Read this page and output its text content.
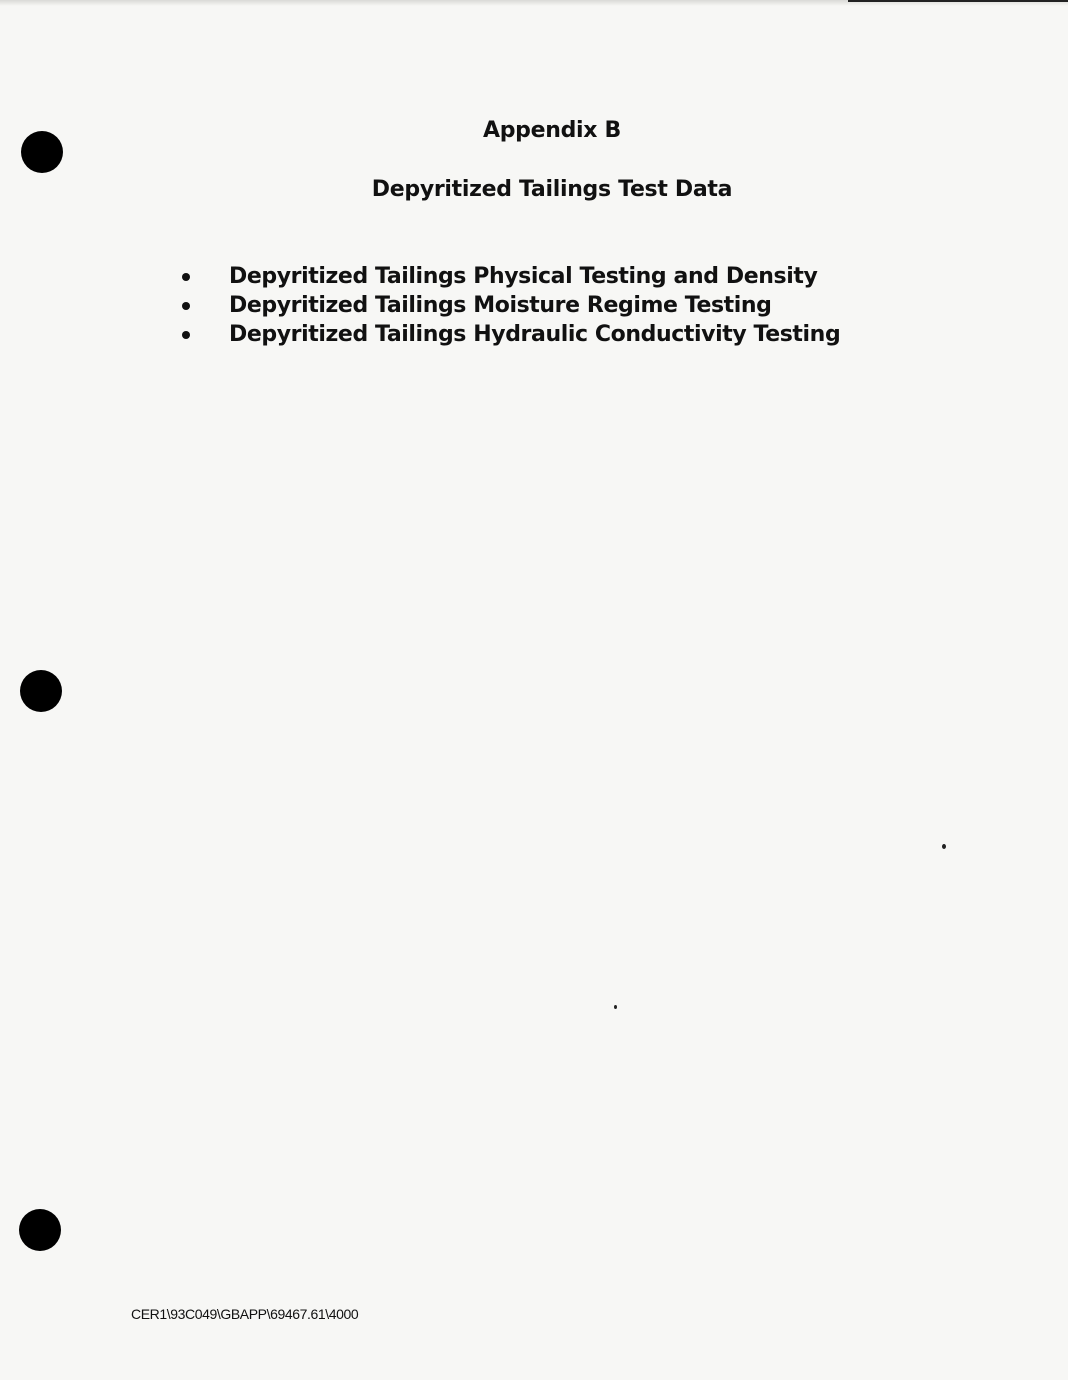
Appendix B
Depyritized Tailings Test Data
Depyritized Tailings Physical Testing and Density
Depyritized Tailings Moisture Regime Testing
Depyritized Tailings Hydraulic Conductivity Testing
CER1\93C049\GBAPP\69467.61\4000
